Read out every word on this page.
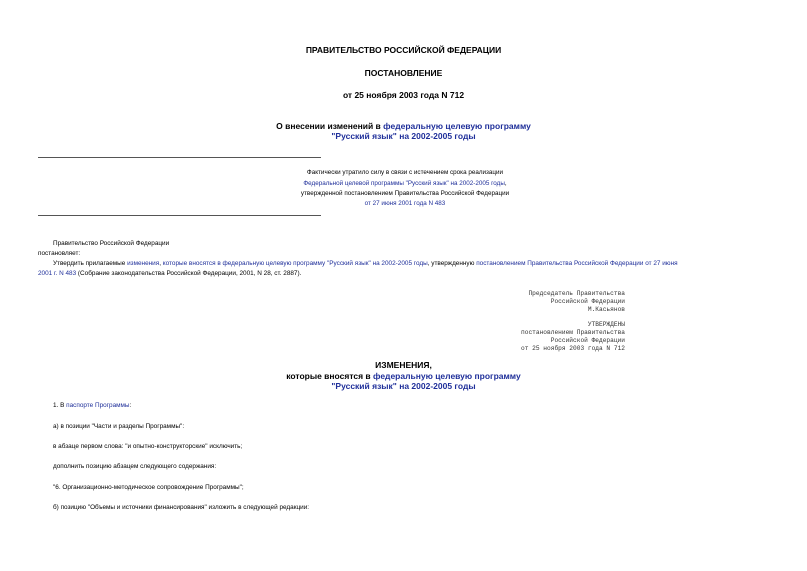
ПРАВИТЕЛЬСТВО РОССИЙСКОЙ ФЕДЕРАЦИИ
ПОСТАНОВЛЕНИЕ
от 25 ноября 2003 года N 712
О внесении изменений в федеральную целевую программу
"Русский язык" на 2002-2005 годы
Фактически утратило силу в связи с истечением срока реализации
Федеральной целевой программы "Русский язык" на 2002-2005 годы,
утвержденной постановлением Правительства Российской Федерации
от 27 июня 2001 года N 483
Правительство Российской Федерации
постановляет:
Утвердить прилагаемые изменения, которые вносятся в федеральную целевую программу "Русский язык" на 2002-2005 годы, утвержденную постановлением Правительства Российской Федерации от 27 июня
2001 г. N 483 (Собрание законодательства Российской Федерации, 2001, N 28, ст. 2887).
Председатель Правительства
Российской Федерации
М.Касьянов
УТВЕРЖДЕНЫ
постановлением Правительства
Российской Федерации
от 25 ноября 2003 года N 712
ИЗМЕНЕНИЯ,
которые вносятся в федеральную целевую программу
"Русский язык" на 2002-2005 годы
1. В паспорте Программы:
а) в позиции "Части и разделы Программы":
в абзаце первом слова: "и опытно-конструкторские" исключить;
дополнить позицию абзацем следующего содержания:
"6. Организационно-методическое сопровождение Программы";
б) позицию "Объемы и источники финансирования" изложить в следующей редакции:
